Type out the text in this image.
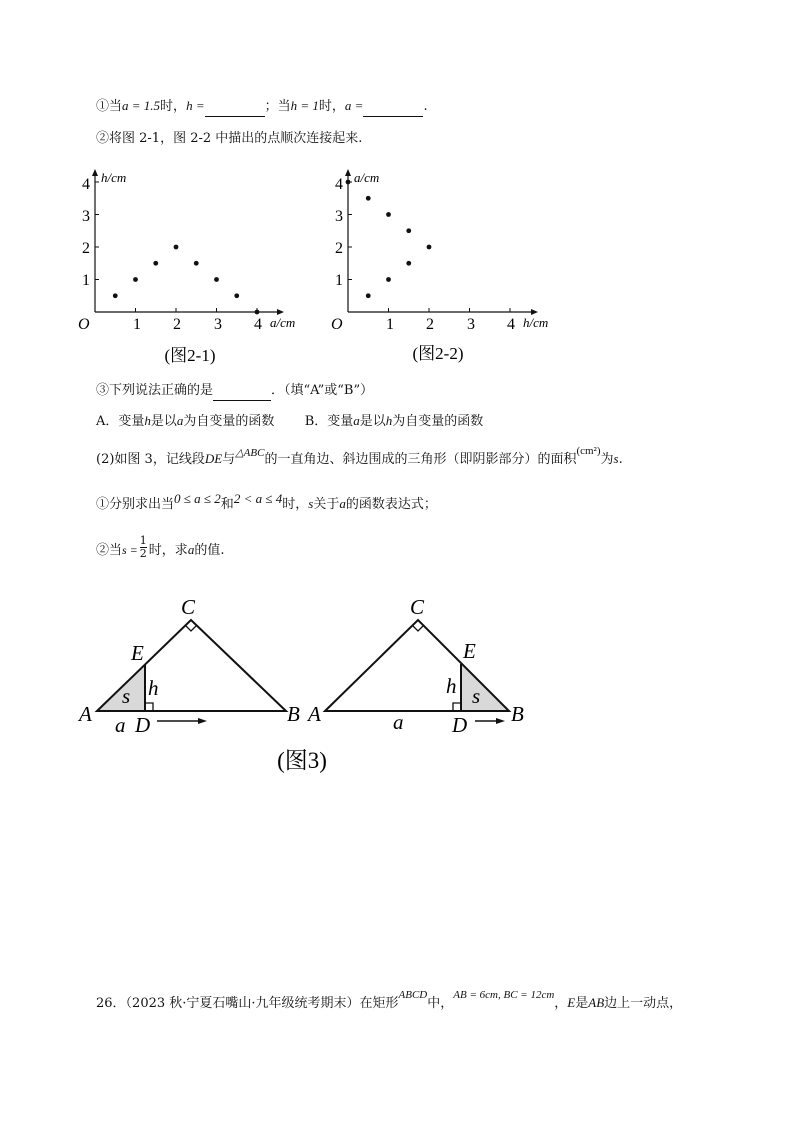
①当a = 1.5时，h =	；当h = 1时，a =	.
②将图 2-1，图 2-2 中描出的点顺次连接起来.
h/cm
a/cm
O	1 2 3 4
1
2
3
4
(图2-1)
a/cm
h/cm
O	1 2 3 4
1
2
3
4
(图2-2)
③下列说法正确的是	．（填“A”或“B”）
A．变量h是以a为自变量的函数 B．变量a是以h为自变量的函数
(2)如图 3，记线段DE与$^{\triangle ABC}$的一直角边、斜边围成的三角形（即阴影部分）的面积$^{(cm^2)}$为s.
①分别求出当0 ≤ a ≤ 2和2 < a ≤ 4时，s关于a的函数表达式；
②当$s = \frac{1}{2}$ 时，求a的值.
A	B
C
D
E
h
s
a	A	B
C
D
E
h s
a
(图3)
26．（2023 秋·宁夏石嘴山·九年级统考期末）在矩形$^{ABCD}$中，$^{AB = 6cm, BC = 12cm}$，E是AB边上一动点，
